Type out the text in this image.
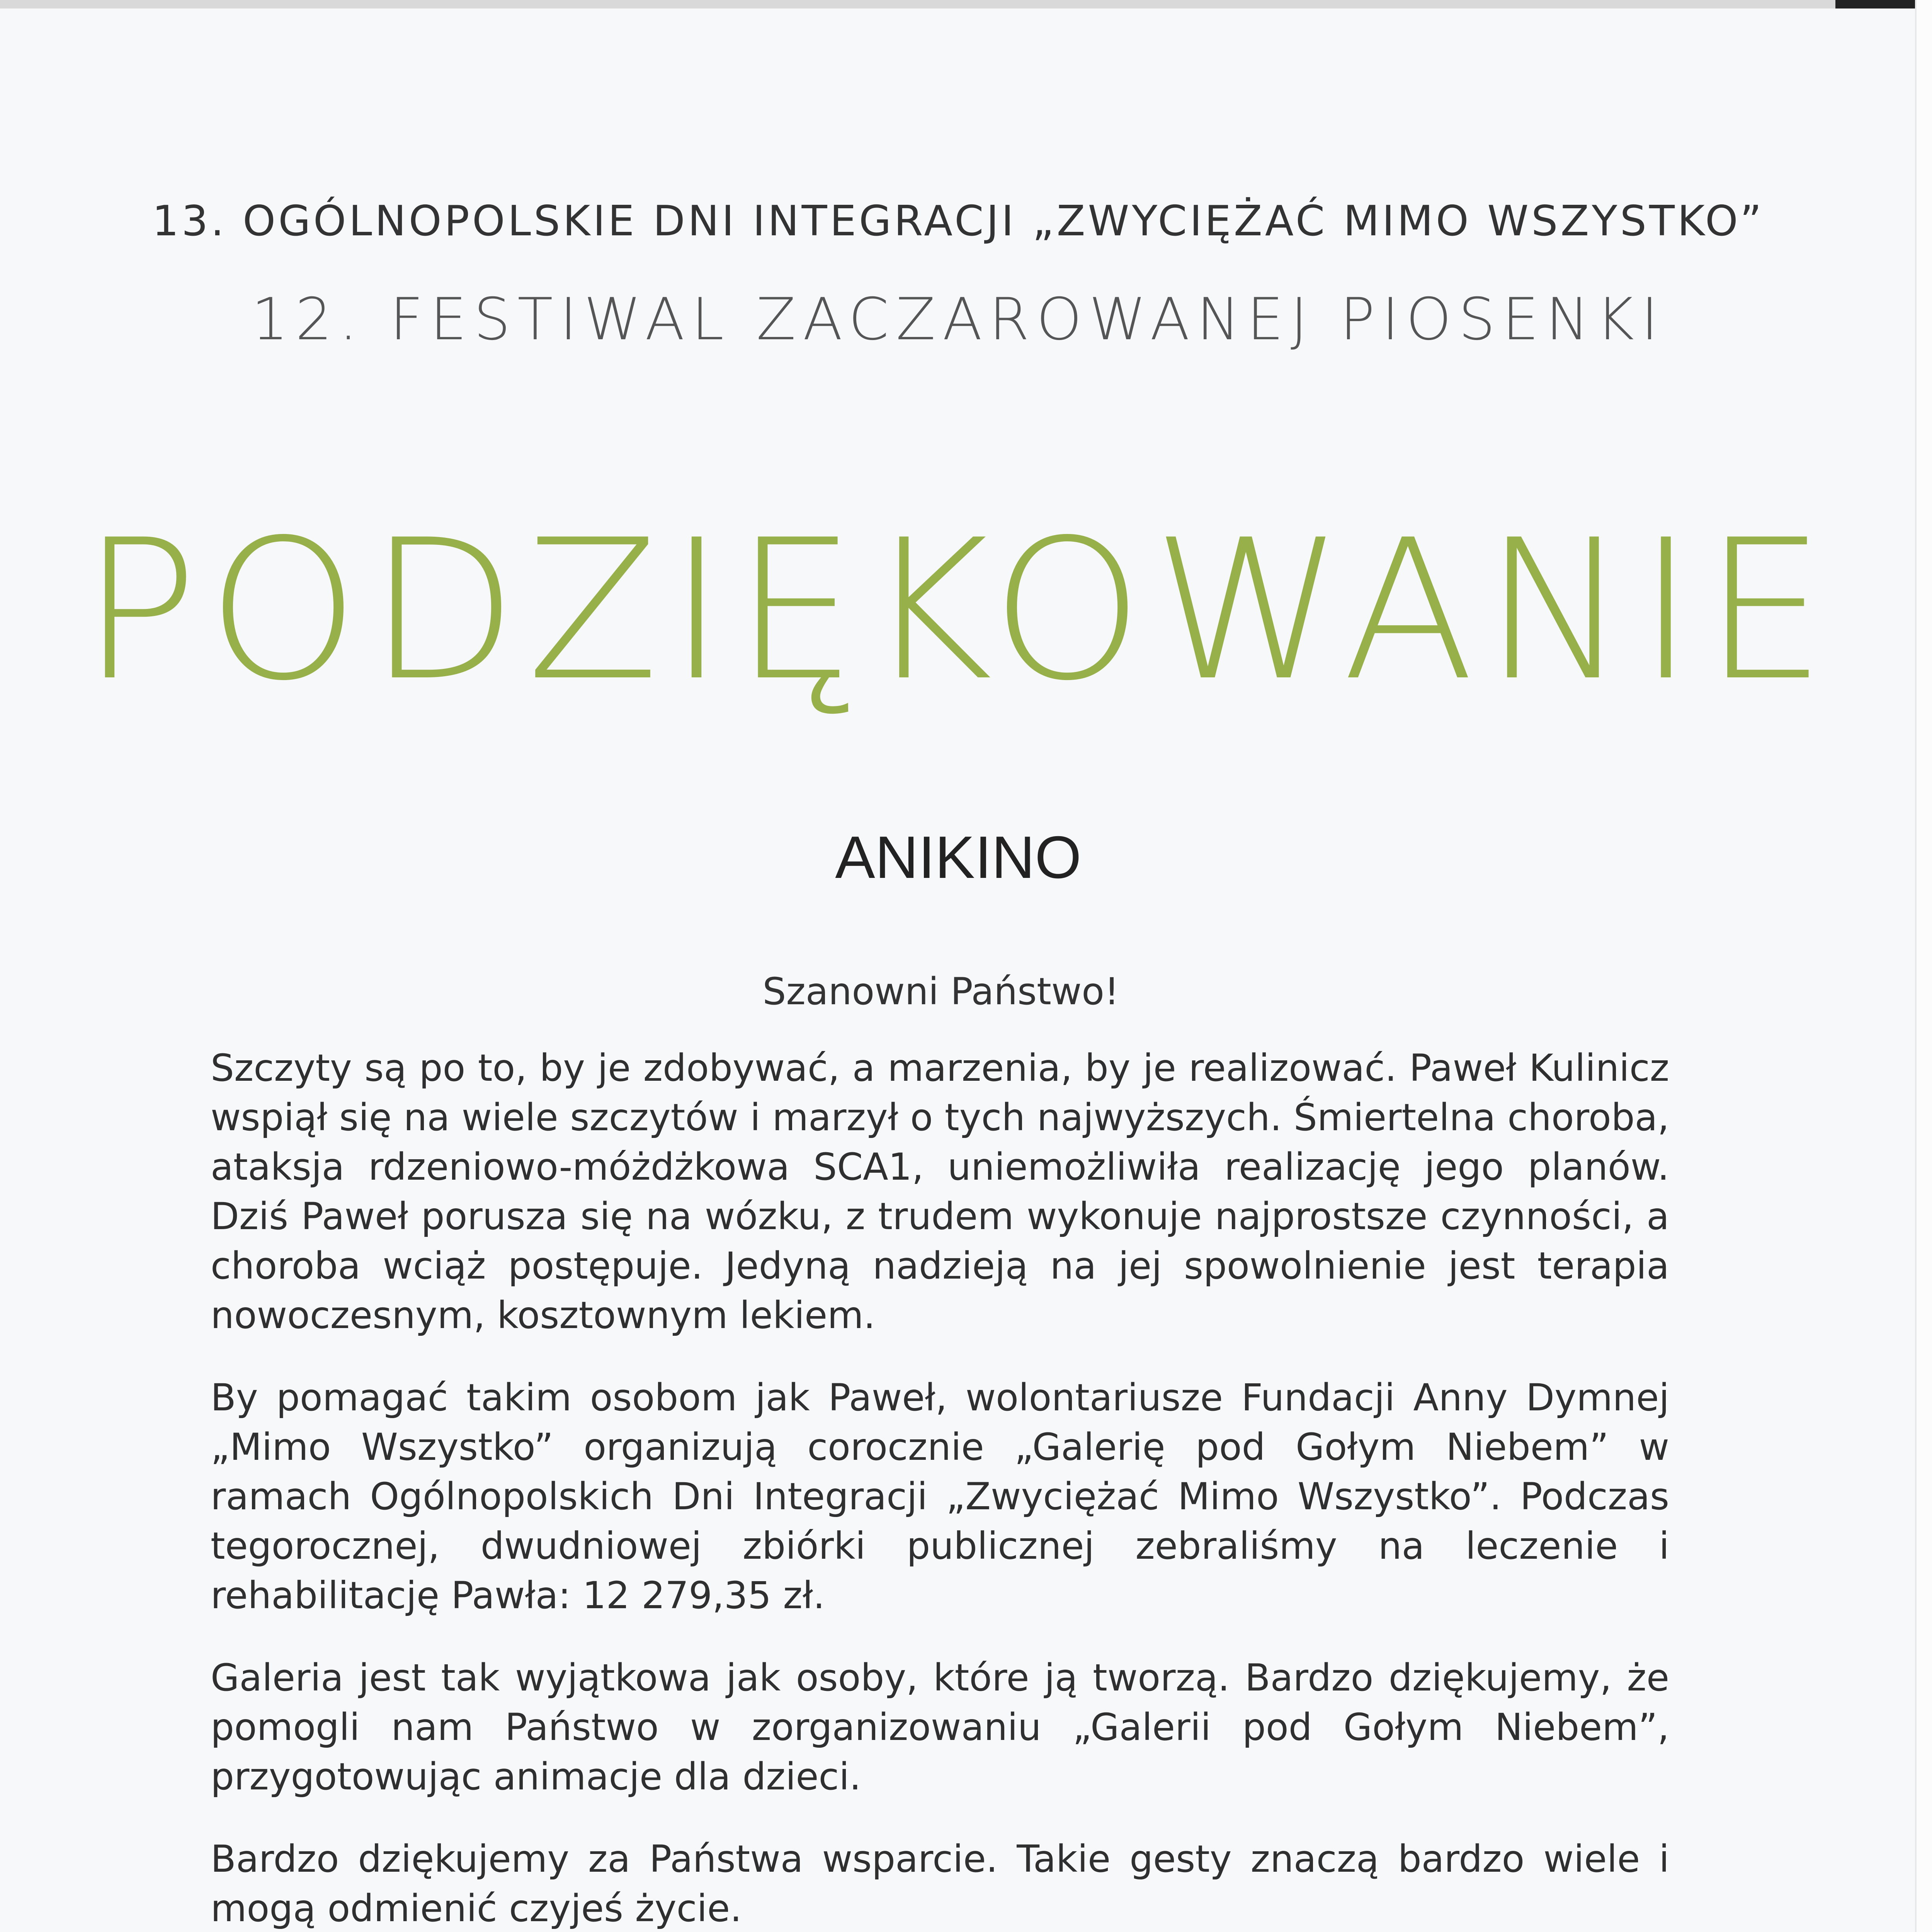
13. OGÓLNOPOLSKIE DNI INTEGRACJI „ZWYCIĘŻAĆ MIMO WSZYSTKO”
12. FESTIWAL ZACZAROWANEJ PIOSENKI
PODZIĘKOWANIE
ANIKINO
Szanowni Państwo!

Szczyty są po to, by je zdobywać, a marzenia, by je realizować. Paweł Kulinicz wspiął się na wiele szczytów i marzył o tych najwyższych. Śmiertelna choroba, ataksja rdzeniowo-móżdżkowa SCA1, uniemożliwiła realizację jego planów. Dziś Paweł porusza się na wózku, z trudem wykonuje najprostsze czynności, a choroba wciąż postępuje. Jedyną nadzieją na jej spowolnienie jest terapia nowoczesnym, kosztownym lekiem.

By pomagać takim osobom jak Paweł, wolontariusze Fundacji Anny Dymnej „Mimo Wszystko” organizują corocznie „Galerię pod Gołym Niebem” w ramach Ogólnopolskich Dni Integracji „Zwyciężać Mimo Wszystko”. Podczas tegorocznej, dwudniowej zbiórki publicznej zebraliśmy na leczenie i rehabilitację Pawła: 12 279,35 zł.

Galeria jest tak wyjątkowa jak osoby, które ją tworzą. Bardzo dziękujemy, że pomogli nam Państwo w zorganizowaniu „Galerii pod Gołym Niebem”, przygotowując animacje dla dzieci.

Bardzo dziękujemy za Państwa wsparcie. Takie gesty znaczą bardzo wiele i mogą odmienić czyjeś życie.
